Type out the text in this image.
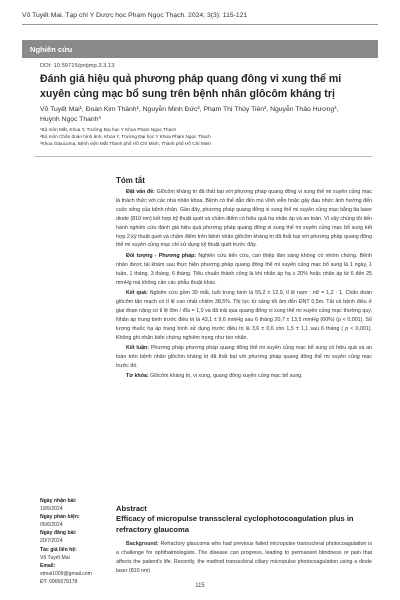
Võ Tuyết Mai. Tạp chí Y Dược học Phạm Ngọc Thạch. 2024; 3(3): 115-121
Nghiên cứu
DOI: 10.59715/pntjmp.3.3.13
Đánh giá hiệu quả phương pháp quang đông vi xung thể mi xuyên củng mạc bổ sung trên bệnh nhân glôcôm kháng trị
Võ Tuyết Mai¹, Đoàn Kim Thành¹, Nguyễn Minh Đức², Phạm Thị Thủy Tiên³, Nguyễn Thảo Hương³,
Huỳnh Ngọc Thanh³
¹Bộ môn Mắt, Khoa Y, Trường Đại học Y Khoa Phạm Ngọc Thạch
²Bộ môn Chẩn đoán hình ảnh, Khoa Y, Trường Đại học Y Khoa Phạm Ngọc Thạch
³Khoa Glaucoma, Bệnh viện Mắt Thành phố Hồ Chí Minh, Thành phố Hồ Chí Minh
Tóm tắt

Đặt vấn đề: Glôcôm kháng trị đã thất bại với phương pháp quang đông vi xung thể mi xuyên củng mạc là thách thức với các nhà nhãn khoa. Bệnh có thể dẫn đến mù vĩnh viễn hoặc gây đau nhức ảnh hưởng đến cuộc sống của bệnh nhân. Gần đây, phương pháp quang đông vi xung thể mi xuyên củng mạc bằng tia laser diode (810 nm) kết hợp kỹ thuật quét và chấm điểm có hiệu quả hạ nhãn áp và an toàn. Vì vậy chúng tôi tiến hành nghiên cứu đánh giá hiệu quả phương pháp quang đông vi xung thể mi xuyên củng mạc bổ sung kết hợp 2 kỹ thuật quét và chấm điểm trên bệnh nhân glôcôm kháng trị đã thất bại với phương pháp quang đông thể mi xuyên củng mạc chỉ sử dụng kỹ thuật quét trước đây.

Đối tượng - Phương pháp: Nghiên cứu tiến cứu, can thiệp lâm sàng không có nhóm chứng. Bệnh nhân được tái khám sau thực hiện phương pháp quang đông thể mi xuyên củng mạc bổ sung là 1 ngày, 1 tuần, 1 tháng, 3 tháng, 6 tháng. Tiêu chuẩn thành công là khi nhãn áp hạ ≥ 20% hoặc nhãn áp từ 6 đến 25 mmHg mà không cần các phẫu thuật khác.

Kết quả: Nghiên cứu gồm 39 mắt, tuổi trung bình là 55,2 ± 12,9, tỉ lệ nam : nữ = 1,2 : 1. Chẩn đoán glôcôm tân mạch có tỉ lệ cao nhất chiếm 38,5%. Thị lực từ sáng tối âm đến ĐNT 0,5m. Tất cả bệnh điều ở giai đoạn nặng có tỉ lệ lõm / đĩa = 1,0 và đã trải qua quang đông vi xung thể mi xuyên củng mạc thường quy. Nhãn áp trung bình trước điều trị là 43,1 ± 9,6 mmHg sau 6 tháng 20,7 ± 13,5 mmHg (60%) (p < 0,001). Số lượng thuốc hạ áp trung bình sử dụng trước điều trị là 3,6 ± 0,6 còn 1,5 ± 1,1 sau 6 tháng ( p < 0,001). Không ghi nhận biến chứng nghiêm trọng như teo nhãn.

Kết luận: Phương pháp phương pháp quang đông thể mi xuyên củng mạc bổ sung có hiệu quả và an toàn trên bệnh nhân glôcôm kháng trị đã thất bại với phương pháp quang đông thể mi xuyên củng mạc trước đó.

Từ khóa: Glôcôm kháng trị, vi xung, quang đông xuyên củng mạc bổ sung.

Ngày nhận bài:
19/5/2024
Ngày phản biện:
05/6/2024
Ngày đăng bài:
20/7/2024
Tác giả liên hệ:
Võ Tuyết Mai
Email:
vtmai1009@gmail.com
ĐT: 0965679178
Abstract
Efficacy of micropulse transscleral cyclophotocoagulation plus in refractory glaucoma

Background: Refractory glaucoma who had previous failed micropulse transscleral photocoagulation is a challenge for ophthalmologists. The disease can progress, leading to permanent blindness or pain that affects the patient's life. Recently, the method transscleral ciliary micropulse photocoagulation using a diode laser (810 nm)

115
